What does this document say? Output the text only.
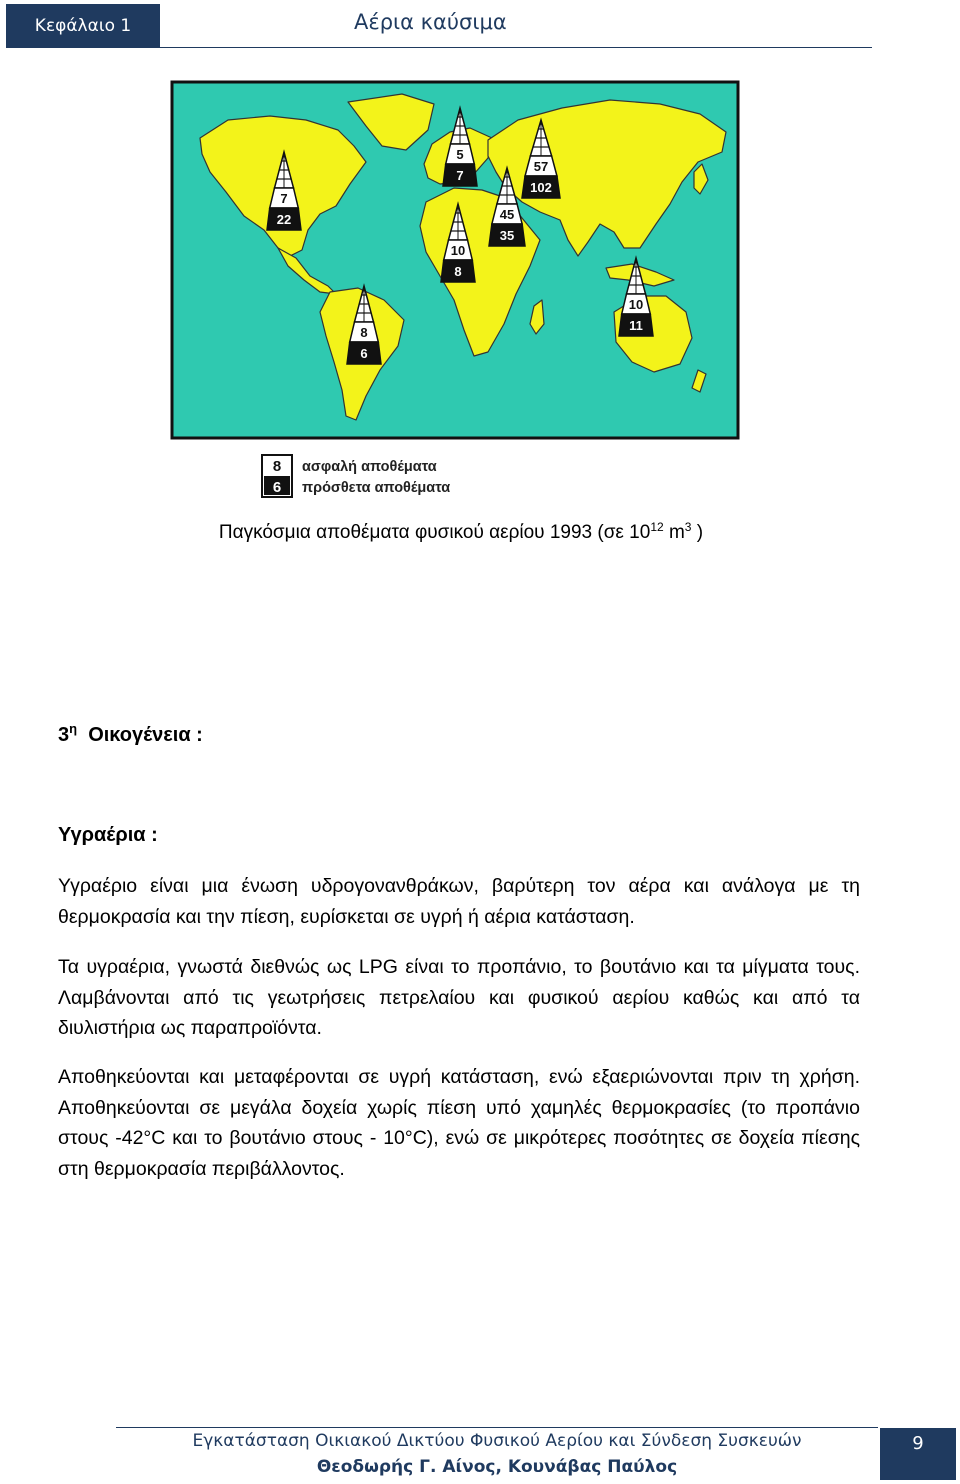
Κεφάλαιο 1	Αέρια καύσιμα
7
22
5
7
57
102
45
35
10
8
8
6
10
11
8
6
ασφαλή αποθέματα
πρόσθετα αποθέματα
Παγκόσμια αποθέματα φυσικού αερίου 1993 (σε $10^{12}$ $m^3$ )
$3^\eta$  Οικογένεια :
Υγραέρια :

Υγραέριο είναι μια ένωση υδρογονανθράκων, βαρύτερη τον αέρα και ανάλογα με τη θερμοκρασία και την πίεση, ευρίσκεται σε υγρή ή αέρια κατάσταση.

Τα υγραέρια, γνωστά διεθνώς ως LPG είναι το προπάνιο, το βουτάνιο και τα μίγματα τους. Λαμβάνονται από τις γεωτρήσεις πετρελαίου και φυσικού αερίου καθώς και από τα διυλιστήρια ως παραπροϊόντα.

Αποθηκεύονται και μεταφέρονται σε υγρή κατάσταση, ενώ εξαεριώνονται πριν τη χρήση. Αποθηκεύονται σε μεγάλα δοχεία χωρίς πίεση υπό χαμηλές θερμοκρασίες (το προπάνιο στους -42°C και το βουτάνιο στους - 10°C), ενώ σε μικρότερες ποσότητες σε δοχεία πίεσης στη θερμοκρασία περιβάλλοντος.

Εγκατάσταση Οικιακού Δικτύου Φυσικού Αερίου και Σύνδεση Συσκευών
Θεοδωρής Γ. Αίνος, Κουνάβας Παύλος
9
